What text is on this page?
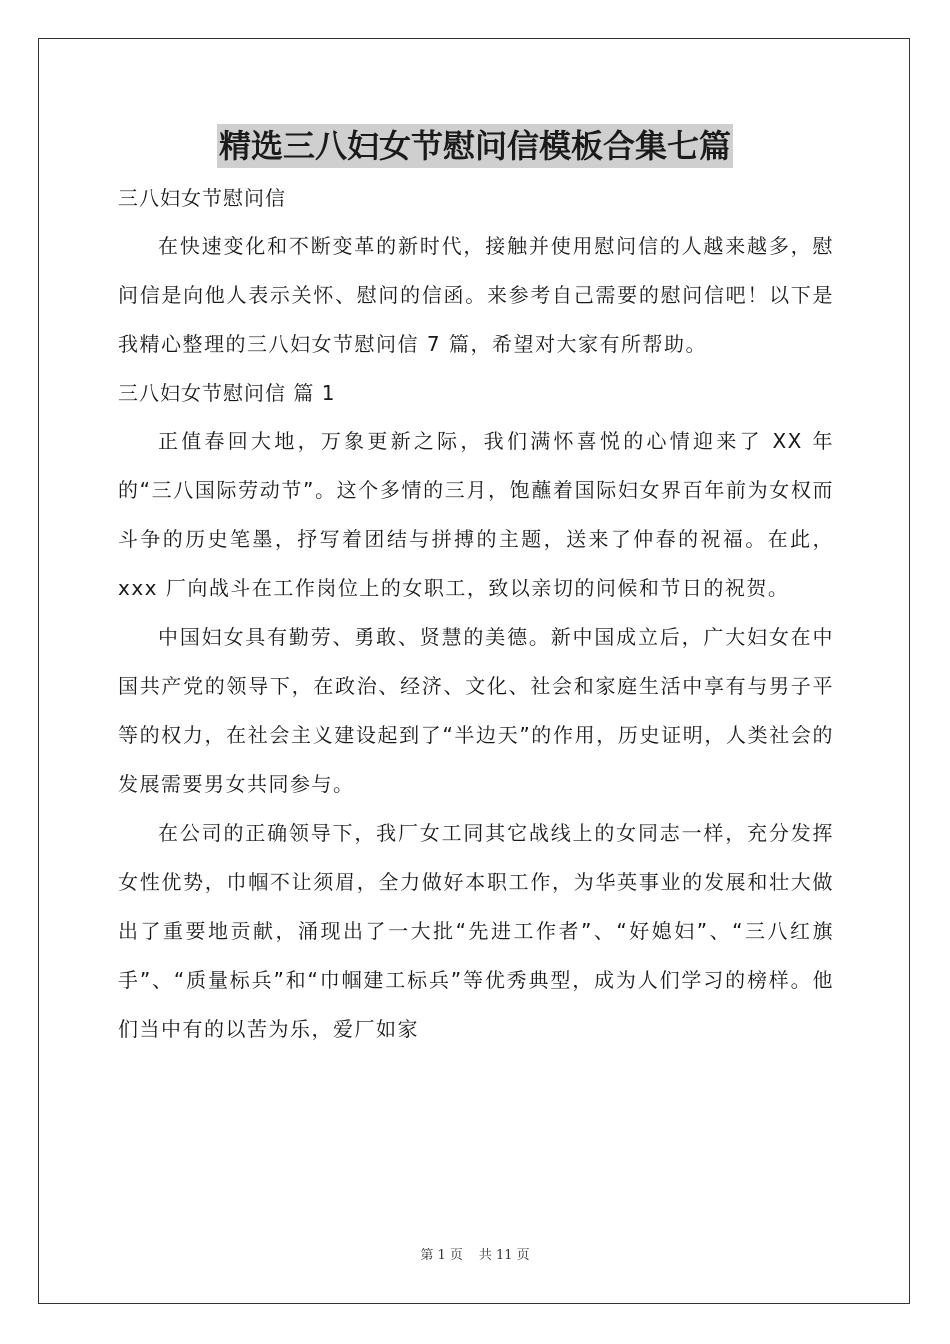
精选三八妇女节慰问信模板合集七篇

三八妇女节慰问信

在快速变化和不断变革的新时代，接触并使用慰问信的人越来越多，慰问信是向他人表示关怀、慰问的信函。来参考自己需要的慰问信吧！以下是我精心整理的三八妇女节慰问信 7 篇，希望对大家有所帮助。

三八妇女节慰问信 篇 1

正值春回大地，万象更新之际，我们满怀喜悦的心情迎来了 XX 年的“三八国际劳动节”。这个多情的三月，饱蘸着国际妇女界百年前为女权而斗争的历史笔墨，抒写着团结与拼搏的主题，送来了仲春的祝福。在此，xxx 厂向战斗在工作岗位上的女职工，致以亲切的问候和节日的祝贺。

中国妇女具有勤劳、勇敢、贤慧的美德。新中国成立后，广大妇女在中国共产党的领导下，在政治、经济、文化、社会和家庭生活中享有与男子平等的权力，在社会主义建设起到了“半边天”的作用，历史证明，人类社会的发展需要男女共同参与。

在公司的正确领导下，我厂女工同其它战线上的女同志一样，充分发挥女性优势，巾帼不让须眉，全力做好本职工作，为华英事业的发展和壮大做出了重要地贡献，涌现出了一大批“先进工作者”、“好媳妇”、“三八红旗手”、“质量标兵”和“巾帼建工标兵”等优秀典型，成为人们学习的榜样。他们当中有的以苦为乐，爱厂如家

第 1 页 共 11 页
